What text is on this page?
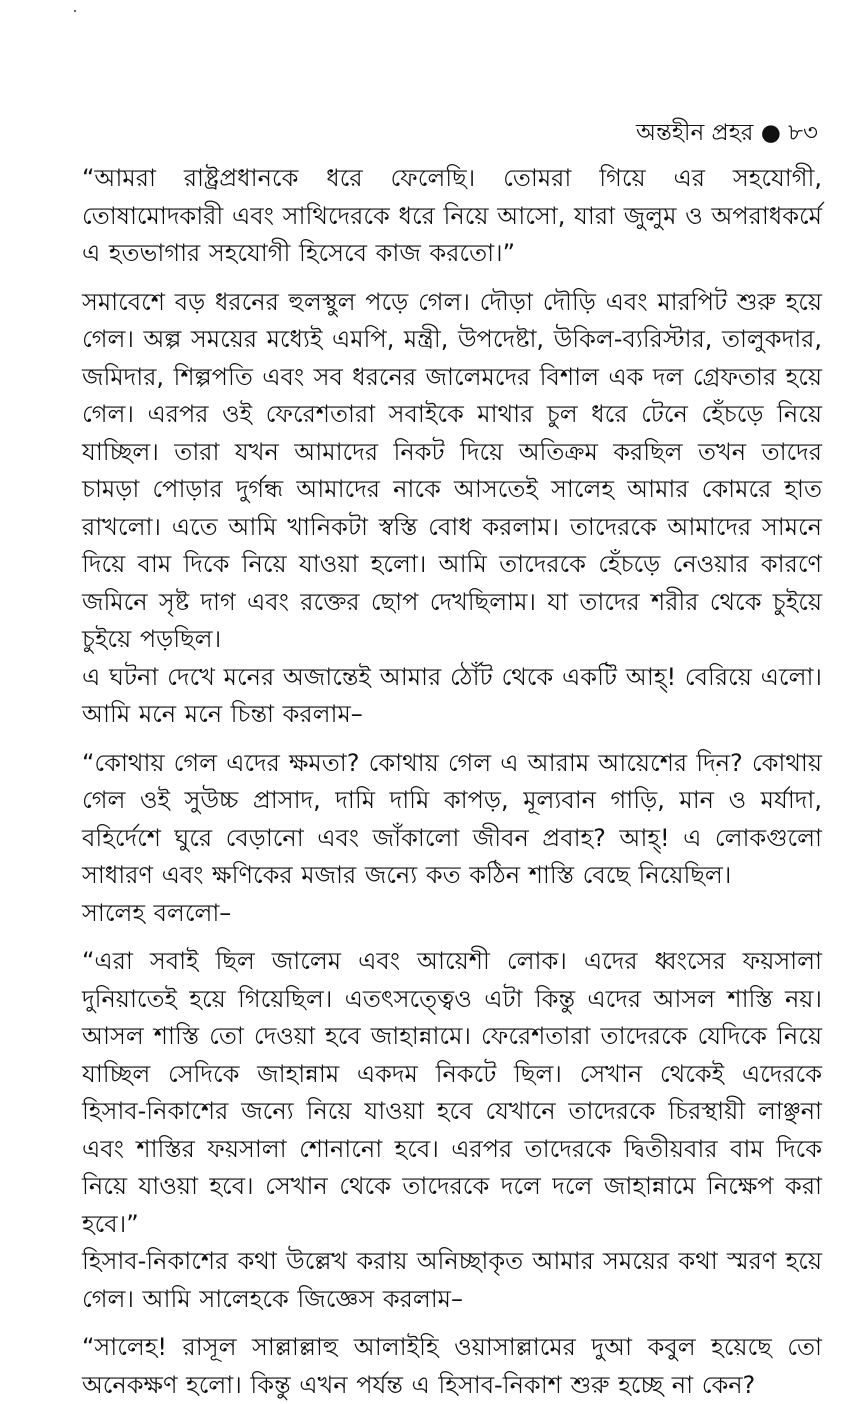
অন্তহীন প্রহর ● ৮৩

“আমরা রাষ্ট্রপ্রধানকে ধরে ফেলেছি। তোমরা গিয়ে এর সহযোগী, তোষামোদকারী এবং সাথিদেরকে ধরে নিয়ে আসো, যারা জুলুম ও অপরাধকর্মে এ হতভাগার সহযোগী হিসেবে কাজ করতো।”

সমাবেশে বড় ধরনের হুলস্থুল পড়ে গেল। দৌড়া দৌড়ি এবং মারপিট শুরু হয়ে গেল। অল্প সময়ের মধ্যেই এমপি, মন্ত্রী, উপদেষ্টা, উকিল-ব্যরিস্টার, তালুকদার, জমিদার, শিল্পপতি এবং সব ধরনের জালেমদের বিশাল এক দল গ্রেফতার হয়ে গেল। এরপর ওই ফেরেশতারা সবাইকে মাথার চুল ধরে টেনে হেঁচড়ে নিয়ে যাচ্ছিল। তারা যখন আমাদের নিকট দিয়ে অতিক্রম করছিল তখন তাদের চামড়া পোড়ার দুর্গন্ধ আমাদের নাকে আসতেই সালেহ আমার কোমরে হাত রাখলো। এতে আমি খানিকটা স্বস্তি বোধ করলাম। তাদেরকে আমাদের সামনে দিয়ে বাম দিকে নিয়ে যাওয়া হলো। আমি তাদেরকে হেঁচড়ে নেওয়ার কারণে জমিনে সৃষ্ট দাগ এবং রক্তের ছোপ দেখছিলাম। যা তাদের শরীর থেকে চুইয়ে চুইয়ে পড়ছিল।

এ ঘটনা দেখে মনের অজান্তেই আমার ঠোঁট থেকে একটি আহ্! বেরিয়ে এলো। আমি মনে মনে চিন্তা করলাম–

“কোথায় গেল এদের ক্ষমতা? কোথায় গেল এ আরাম আয়েশের দিন? কোথায় গেল ওই সুউচ্চ প্রাসাদ, দামি দামি কাপড়, মূল্যবান গাড়ি, মান ও মর্যাদা, বহির্দেশে ঘুরে বেড়ানো এবং জাঁকালো জীবন প্রবাহ? আহ্! এ লোকগুলো সাধারণ এবং ক্ষণিকের মজার জন্যে কত কঠিন শাস্তি বেছে নিয়েছিল।

সালেহ বললো–

“এরা সবাই ছিল জালেম এবং আয়েশী লোক। এদের ধ্বংসের ফয়সালা দুনিয়াতেই হয়ে গিয়েছিল। এতৎসত্ত্বেও এটা কিন্তু এদের আসল শাস্তি নয়। আসল শাস্তি তো দেওয়া হবে জাহান্নামে। ফেরেশতারা তাদেরকে যেদিকে নিয়ে যাচ্ছিল সেদিকে জাহান্নাম একদম নিকটে ছিল। সেখান থেকেই এদেরকে হিসাব-নিকাশের জন্যে নিয়ে যাওয়া হবে যেখানে তাদেরকে চিরস্থায়ী লাঞ্ছনা এবং শাস্তির ফয়সালা শোনানো হবে। এরপর তাদেরকে দ্বিতীয়বার বাম দিকে নিয়ে যাওয়া হবে। সেখান থেকে তাদেরকে দলে দলে জাহান্নামে নিক্ষেপ করা হবে।”

হিসাব-নিকাশের কথা উল্লেখ করায় অনিচ্ছাকৃত আমার সময়ের কথা স্মরণ হয়ে গেল। আমি সালেহকে জিজ্ঞেস করলাম–

“সালেহ! রাসূল সাল্লাল্লাহু আলাইহি ওয়াসাল্লামের দুআ কবুল হয়েছে তো অনেকক্ষণ হলো। কিন্তু এখন পর্যন্ত এ হিসাব-নিকাশ শুরু হচ্ছে না কেন?
